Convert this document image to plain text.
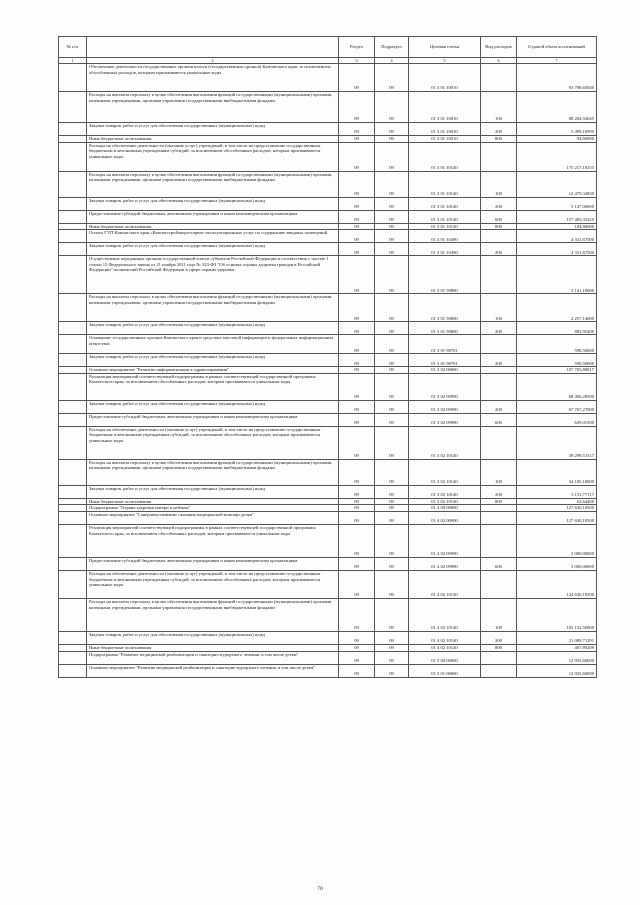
№ п/п		Раздел	Подраздел	Целевая статья	Вид расходов	Годовой объем ассигнований
1	2	3	4	5	6	7
	Обеспечение деятельности государственных органов власти (государственных органов) Камчатского края, за исключением обособленных расходов, которым присваиваются уникальные коды	09	09	01 3 01 10010		93 798,65040
	Расходы на выплаты персоналу в целях обеспечения выполнения функций государственными (муниципальными) органами, казенными учреждениями, органами управления государственными внебюджетными фондами	09	09	01 3 01 10010	100	88 204,94045
	Закупка товаров, работ и услуг для обеспечения государственных (муниципальных) нужд	09	09	01 3 01 10010	200	5 499,10995
	Иные бюджетные ассигнования	09	09	01 3 01 10010	800	94,60000
	Расходы на обеспечение деятельности (оказание услуг) учреждений, в том числе на предоставление государственным бюджетным и автономным учреждениям субсидий, за исключением обособленных расходов, которым присваиваются уникальные коды	09	09	01 3 01 10140		175 217,10255
	Расходы на выплаты персоналу в целях обеспечения выполнения функций государственными (муниципальными) органами, казенными учреждениями, органами управления государственными внебюджетными фондами	09	09	01 3 01 10140	100	12 479,34830
	Закупка товаров, работ и услуг для обеспечения государственных (муниципальных) нужд	09	09	01 3 01 10140	200	5 147,00000
	Предоставление субсидий бюджетным, автономным учреждениям и иным некоммерческим организациям	09	09	01 3 01 10140	600	157 405,35425
	Иные бюджетные ассигнования	09	09	01 3 01 10140	800	184,80000
	Оплата ГУП Камчатского края «Камчатстройэнергосервис-эксплуатационных услуг по содержанию вводных помещений	09	09	01 3 01 10490		4 331,67500
	Закупка товаров, работ и услуг для обеспечения государственных (муниципальных) нужд	09	09	01 3 01 10490	200	4 331,67500
	Осуществление переданных органам государственной власти субъектов Российской Федерации в соответствии с частью 1 статьи 15 Федерального закона от 21 ноября 2011 года № 323-ФЗ "Об основах охраны здоровья граждан в Российской Федерации" полномочий Российской Федерации в сфере охраны здоровья	09	09	01 3 01 59800		3 141,10000
	Расходы на выплаты персоналу в целях обеспечения выполнения функций государственными (муниципальными) органами, казенными учреждениями, органами управления государственными внебюджетными фондами	09	09	01 3 01 59800	100	2 257,14600
	Закупка товаров, работ и услуг для обеспечения государственных (муниципальных) нужд	09	09	01 3 01 59800	200	883,95400
	Оснащение государственных органов Камчатского края в средствах массовой информации и федеральных информационных агентствах	09	09	01 3 01 98701		598,50000
	Закупка товаров, работ и услуг для обеспечения государственных (муниципальных) нужд	09	09	01 3 01 98701	200	598,50000
	Основное мероприятие "Развитие информатизации в здравоохранении"	09	09	01 3 02 00000		107 705,80817
	Реализация мероприятий соответствующей подпрограммы в рамках соответствующей государственной программы Камчатского края, за исключением обособленных расходов, которым присваиваются уникальные коды	09	09	01 3 02 09990		68 406,28500
	Закупка товаров, работ и услуг для обеспечения государственных (муниципальных) нужд	09	09	01 3 02 09990	200	67 767,27000
	Предоставление субсидий бюджетным, автономным учреждениям и иным некоммерческим организациям	09	09	01 3 02 09990	600	639,01500
	Расходы на обеспечение деятельности (оказание услуг) учреждений, в том числе на предоставление государственным бюджетным и автономным учреждениям субсидий, за исключением обособленных расходов, которым присваиваются уникальные коды	09	09	01 3 02 10140		39 299,51517
	Расходы на выплаты персоналу в целях обеспечения выполнения функций государственными (муниципальными) органами, казенными учреждениями, органами управления государственными внебюджетными фондами	09	09	01 3 02 10140	100	34 105,10000
	Закупка товаров, работ и услуг для обеспечения государственных (муниципальных) нужд	09	09	01 3 02 10140	200	5 131,77117
	Иные бюджетные ассигнования	09	09	01 3 02 10140	800	62,64400
	Подпрограмма "Охрана здоровья матери и ребенка"	09	09	01 4 00 00000		127 630,10500
	Основное мероприятие "Совершенствование оказания медицинской помощи детям"	09	09	01 4 02 00000		127 630,10500
	Реализация мероприятий соответствующей подпрограммы в рамках соответствующей государственной программы Камчатского края, за исключением обособленных расходов, которым присваиваются уникальные коды	09	09	01 4 02 09990		3 000,00000
	Предоставление субсидий бюджетным, автономным учреждениям и иным некоммерческим организациям	09	09	01 4 02 09990	600	3 000,00000
	Расходы на обеспечение деятельности (оказание услуг) учреждений, в том числе на предоставление государственным бюджетным и автономным учреждениям субсидий, за исключением обособленных расходов, которым присваиваются уникальные коды	09	09	01 4 02 10140		124 630,10500
	Расходы на выплаты персоналу в целях обеспечения выполнения функций государственными (муниципальными) органами, казенными учреждениями, органами управления государственными внебюджетными фондами	09	09	01 4 02 10140	100	103 132,50000
	Закупка товаров, работ и услуг для обеспечения государственных (муниципальных) нужд	09	09	01 4 02 10140	200	21 089,71291
	Иные бюджетные ассигнования	09	09	01 4 02 10140	800	407,89209
	Подпрограмма "Развитие медицинской реабилитации и санаторно-курортного лечения, в том числе детям"	09	09	01 5 00 00000		12 935,60000
	Основное мероприятие "Развитие медицинской реабилитации и санаторно-курортного лечения, в том числе детям"	09	09	01 5 01 00000		12 935,60000
70
